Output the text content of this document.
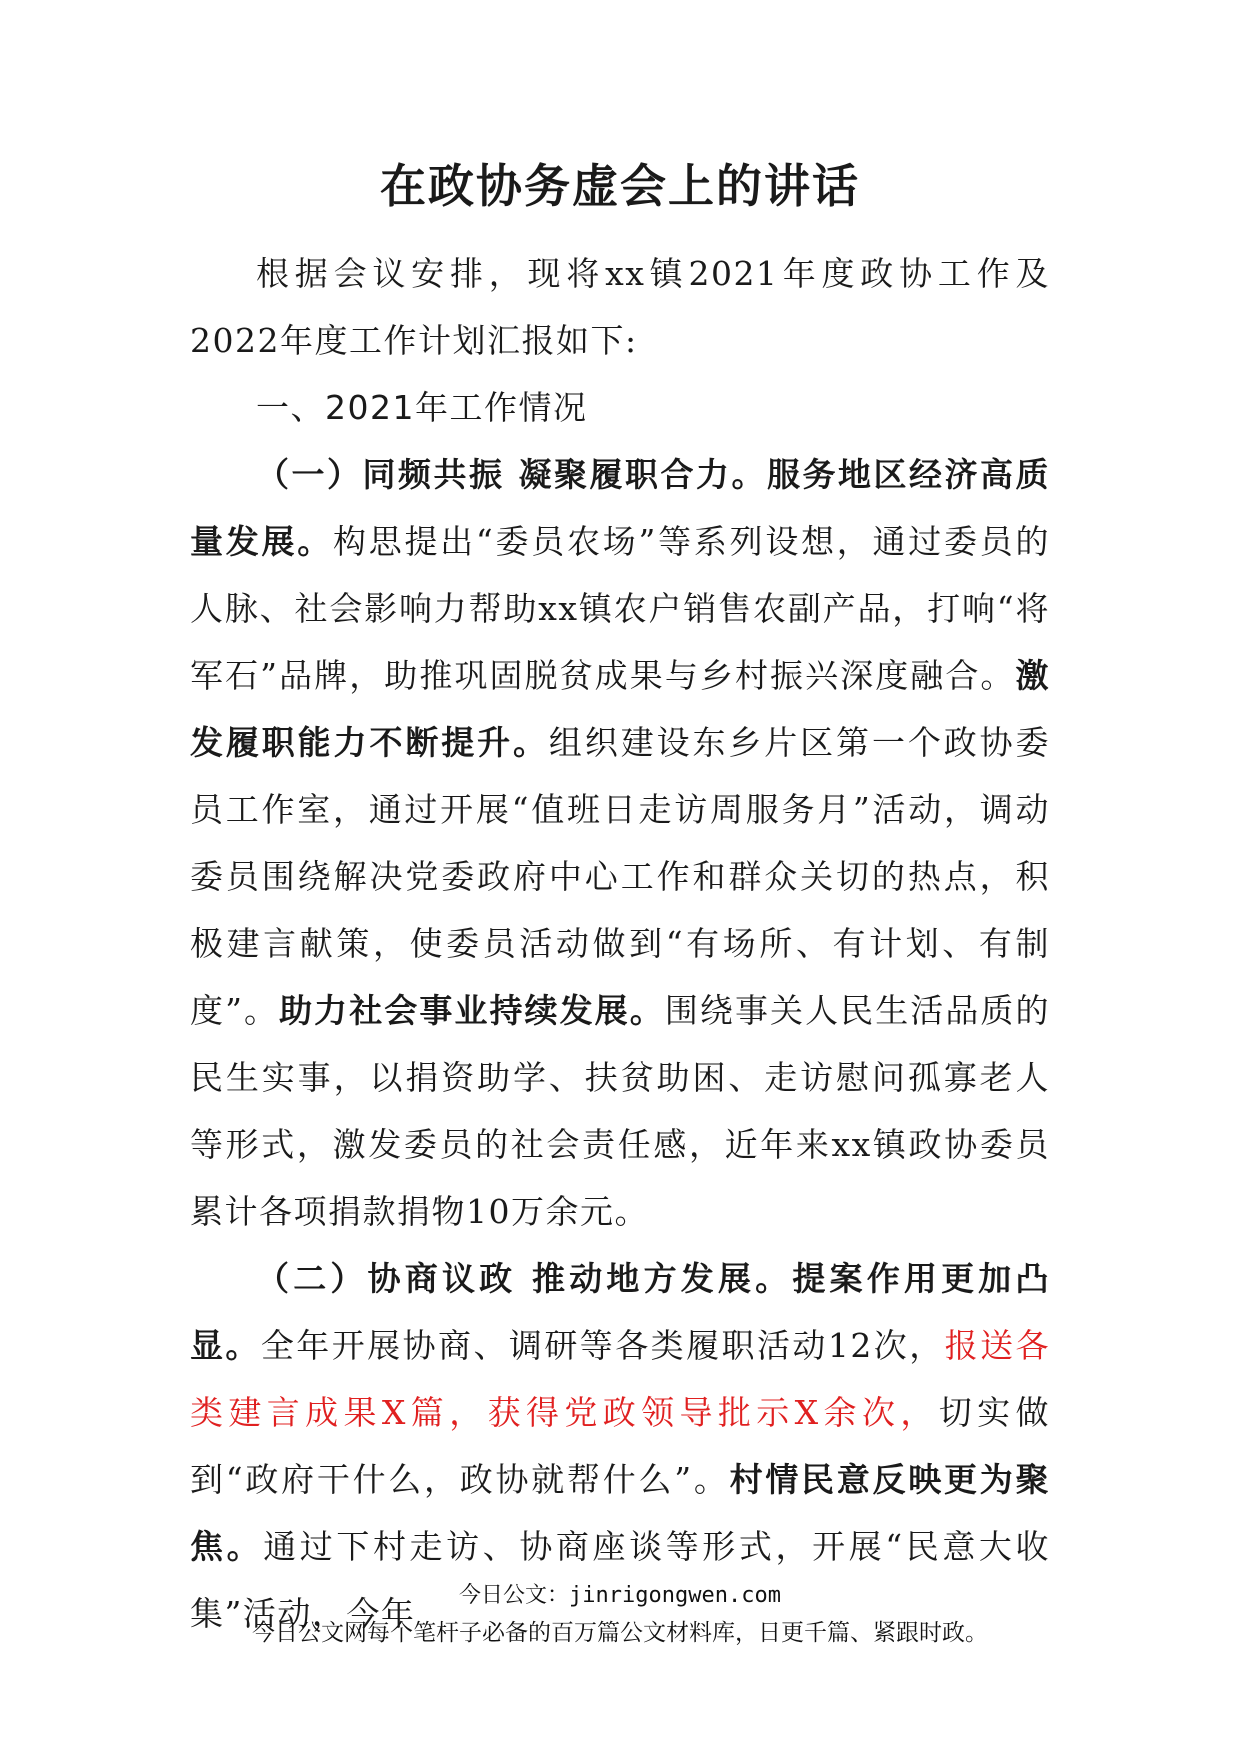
在政协务虚会上的讲话

根据会议安排，现将xx镇2021年度政协工作及2022年度工作计划汇报如下:

一、2021年工作情况

（一）同频共振 凝聚履职合力。服务地区经济高质量发展。构思提出“委员农场”等系列设想，通过委员的人脉、社会影响力帮助xx镇农户销售农副产品，打响“将军石”品牌，助推巩固脱贫成果与乡村振兴深度融合。激发履职能力不断提升。组织建设东乡片区第一个政协委员工作室，通过开展“值班日走访周服务月”活动，调动委员围绕解决党委政府中心工作和群众关切的热点，积极建言献策，使委员活动做到“有场所、有计划、有制度”。助力社会事业持续发展。围绕事关人民生活品质的民生实事，以捐资助学、扶贫助困、走访慰问孤寡老人等形式，激发委员的社会责任感，近年来xx镇政协委员累计各项捐款捐物10万余元。

（二）协商议政 推动地方发展。提案作用更加凸显。全年开展协商、调研等各类履职活动12次，报送各类建言成果X篇，获得党政领导批示X余次，切实做到“政府干什么，政协就帮什么”。村情民意反映更为聚焦。通过下村走访、协商座谈等形式，开展“民意大收集”活动，今年	今日公文：jinrigongwen.com
今日公文网每个笔杆子必备的百万篇公文材料库，日更千篇、紧跟时政。
